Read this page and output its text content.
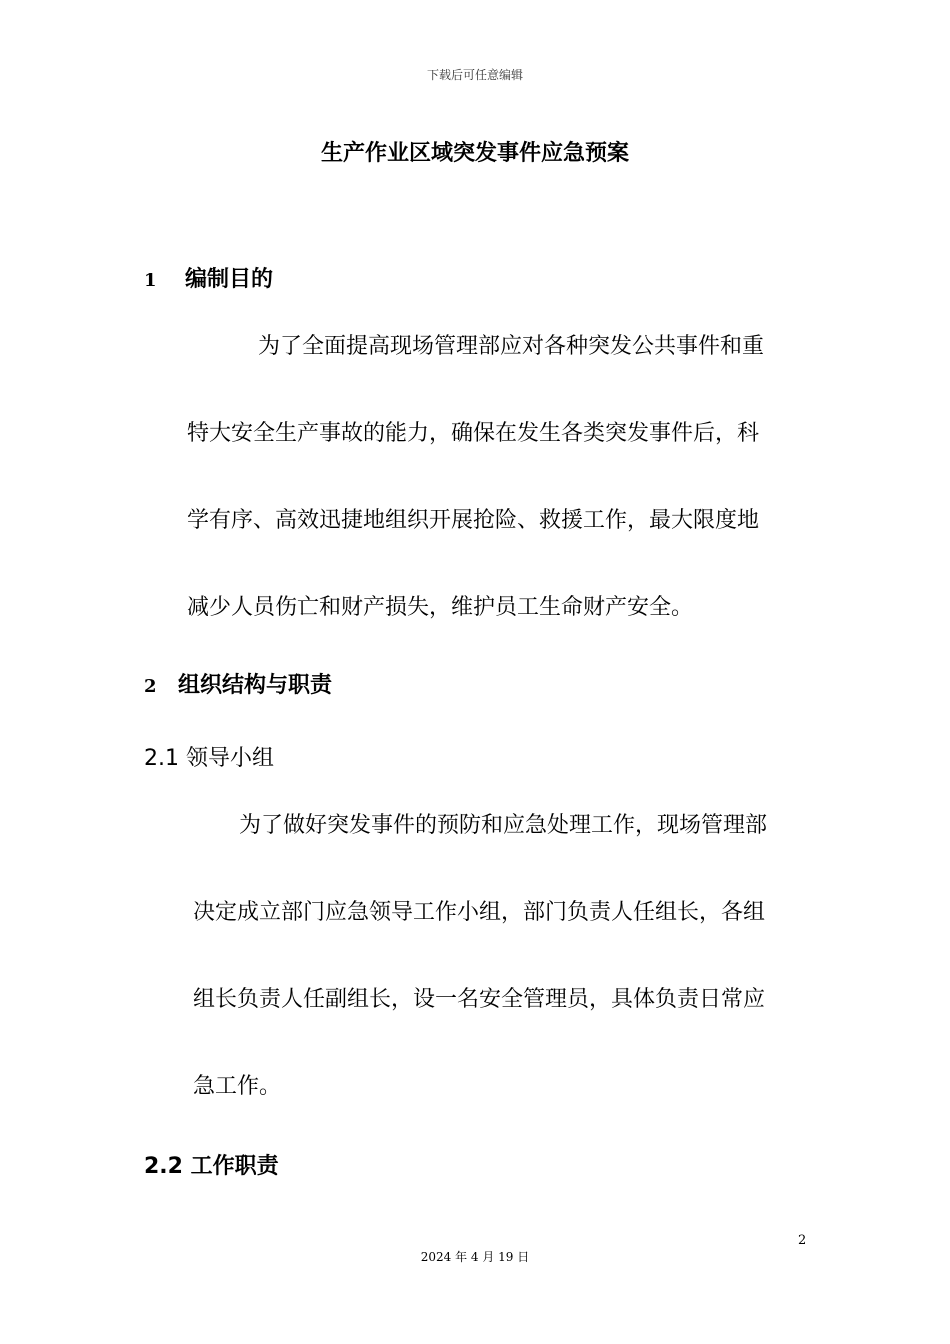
下载后可任意编辑
生产作业区域突发事件应急预案
1 编制目的
为了全面提高现场管理部应对各种突发公共事件和重
特大安全生产事故的能力，确保在发生各类突发事件后，科
学有序、高效迅捷地组织开展抢险、救援工作，最大限度地
减少人员伤亡和财产损失，维护员工生命财产安全。
2 组织结构与职责
2.1 领导小组
为了做好突发事件的预防和应急处理工作，现场管理部
决定成立部门应急领导工作小组，部门负责人任组长，各组
组长负责人任副组长，设一名安全管理员，具体负责日常应
急工作。
2.2 工作职责
2
2024 年 4 月 19 日
